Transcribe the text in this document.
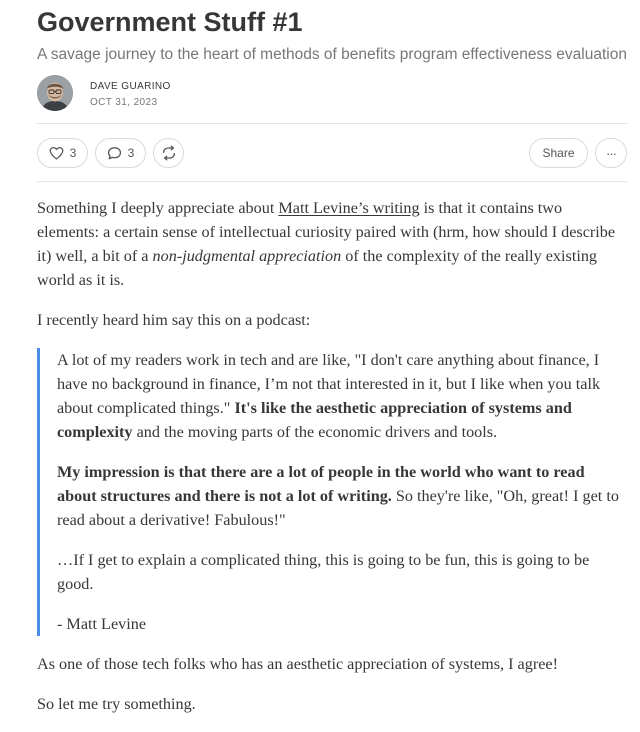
Government Stuff #1
A savage journey to the heart of methods of benefits program effectiveness evaluation
DAVE GUARINO
OCT 31, 2023
3	3	Share ···

Something I deeply appreciate about Matt Levine’s writing is that it contains two elements: a certain sense of intellectual curiosity paired with (hrm, how should I describe it) well, a bit of a non-judgmental appreciation of the complexity of the really existing world as it is.

I recently heard him say this on a podcast:

A lot of my readers work in tech and are like, "I don't care anything about finance, I have no background in finance, I’m not that interested in it, but I like when you talk about complicated things." It's like the aesthetic appreciation of systems and complexity and the moving parts of the economic drivers and tools.

My impression is that there are a lot of people in the world who want to read about structures and there is not a lot of writing. So they're like, "Oh, great! I get to read about a derivative! Fabulous!"

…If I get to explain a complicated thing, this is going to be fun, this is going to be good.

- Matt Levine

As one of those tech folks who has an aesthetic appreciation of systems, I agree!

So let me try something.
